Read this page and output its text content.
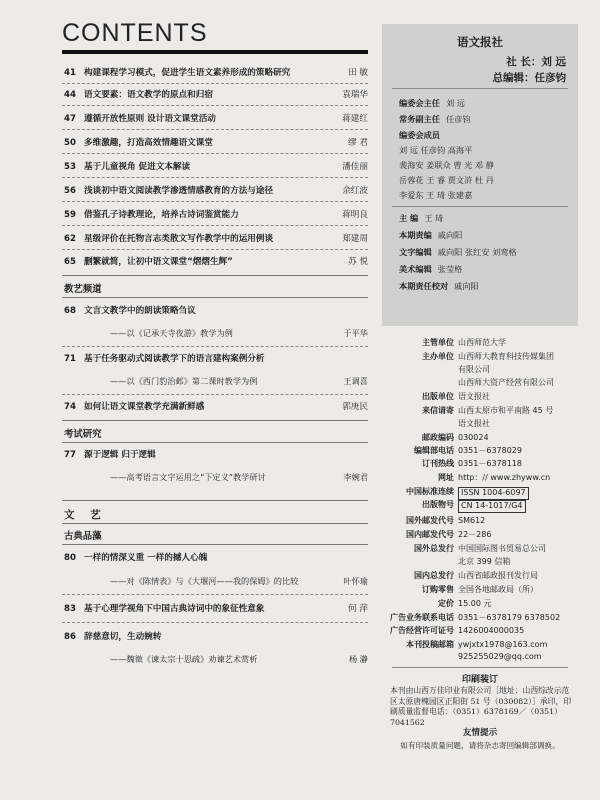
CONTENTS
41 构建课程学习模式，促进学生语文素养形成的策略研究	田 敏
44 语文要素：语文教学的原点和归宿	袁瑞华
47 遵循开放性原则 设计语文课堂活动	蒋建红
50 多维激趣，打造高效情趣语文课堂	缪 君
53 基于儿童视角 促进文本解读	潘佳丽
56 浅谈初中语文阅读教学渗透情感教育的方法与途径	余红波
59 借鉴孔子诗教理论，培养古诗词鉴赏能力	蒋明良
62 星级评价在托物言志类散文写作教学中的运用例谈	郑建周
65 删繁就简，让初中语文课堂“熠熠生辉”	苏 悦
教艺频道
68 文言文教学中的朗读策略刍议
——以《记承天寺夜游》教学为例	于平华
71 基于任务驱动式阅读教学下的语言建构案例分析
——以《西门豹治邺》第二课时教学为例	王调喜
74 如何让语文课堂教学充满新鲜感	郭庚民
考试研究
77 源于逻辑 归于逻辑
——高考语言文字运用之“下定义”教学研讨	李婉君
文 艺
古典品藻
80 一样的情深义重 一样的撼人心魄
——对《陈情表》与《大堰河——我的保姆》的比较	叶怀瑜
83 基于心理学视角下中国古典诗词中的象征性意象	何 萍
86 辞慈意切，生动婉转
——魏徵《谏太宗十思疏》劝谏艺术赏析	杨 瀞
语文报社
社 长：刘 远
总编辑：任彦钧
编委会主任 刘 远
常务副主任 任彦钧
编委会成员
刘 远 任彦钧 高海平
裴海安 姜联众 曾 光 邓 静
岳蓉花 王 睿 贾文浒 杜 丹
李爱东 王 琦 张建嘉
主 编 王 琦
本期责编 戚向阳
文字编辑 戚向阳 张红安 刘鸾格
美术编辑 张莹格
本期责任校对 戚向阳
主管单位 山西师范大学
主办单位 山西师大教育科技传媒集团
有限公司
山西师大资产经营有限公司
出版单位 语文报社
来信请寄 山西太原市和平南路 45 号
语文报社
邮政编码 030024
编辑部电话 0351－6378029
订刊热线 0351－6378118
网址 http：// www.zhyww.cn
中国标准连续 ISSN 1004-6097
出版物号 CN 14-1017/G4
国外邮发代号 SM612
国内邮发代号 22－286
国外总发行 中国国际图书贸易总公司
北京 399 信箱
国内总发行 山西省邮政报刊发行局
订购零售 全国各地邮政局（所）
定价 15.00 元
广告业务联系电话 0351－6378179 6378502
广告经营许可证号 1426004000035
本刊投稿邮箱 ywjxtx1978@163.com
925255029@qq.com
印刷装订
本刊由山西万佳印业有限公司［地址：山西综改示范区太原唐槐园区正阳街 51 号（030082）］承印，印刷质量监督电话：（0351）6378169／（0351）7041562
友情提示
如有印装质量问题，请将杂志寄回编辑部调换。
